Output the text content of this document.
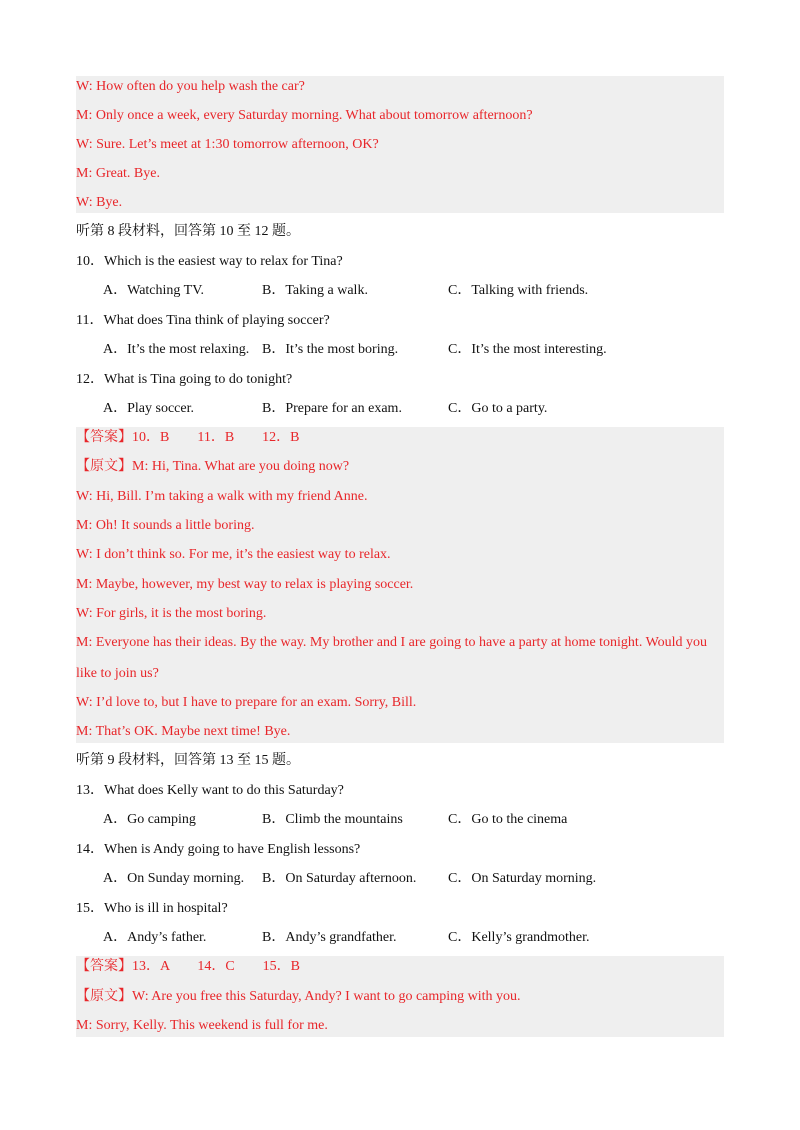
W: How often do you help wash the car?
M: Only once a week, every Saturday morning. What about tomorrow afternoon?
W: Sure. Let’s meet at 1:30 tomorrow afternoon, OK?
M: Great. Bye.
W: Bye.
听第 8 段材料，回答第 10 至 12 题。
10．Which is the easiest way to relax for Tina?
A．Watching TV.	B．Taking a walk.	C．Talking with friends.
11．What does Tina think of playing soccer?
A．It’s the most relaxing. B．It’s the most boring.	C．It’s the most interesting.
12．What is Tina going to do tonight?
A．Play soccer.	B．Prepare for an exam.	C．Go to a party.
【答案】10．B　　11．B　　12．B
【原文】M: Hi, Tina. What are you doing now?
W: Hi, Bill. I’m taking a walk with my friend Anne.
M: Oh! It sounds a little boring.
W: I don’t think so. For me, it’s the easiest way to relax.
M: Maybe, however, my best way to relax is playing soccer.
W: For girls, it is the most boring.
M: Everyone has their ideas. By the way. My brother and I are going to have a party at home tonight. Would you
like to join us?
W: I’d love to, but I have to prepare for an exam. Sorry, Bill.
M: That’s OK. Maybe next time! Bye.
听第 9 段材料，回答第 13 至 15 题。
13．What does Kelly want to do this Saturday?
A．Go camping	B．Climb the mountains	C．Go to the cinema
14．When is Andy going to have English lessons?
A．On Sunday morning. B．On Saturday afternoon. C．On Saturday morning.
15．Who is ill in hospital?
A．Andy’s father.	B．Andy’s grandfather.	C．Kelly’s grandmother.
【答案】13．A　　14．C　　15．B
【原文】W: Are you free this Saturday, Andy? I want to go camping with you.
M: Sorry, Kelly. This weekend is full for me.
